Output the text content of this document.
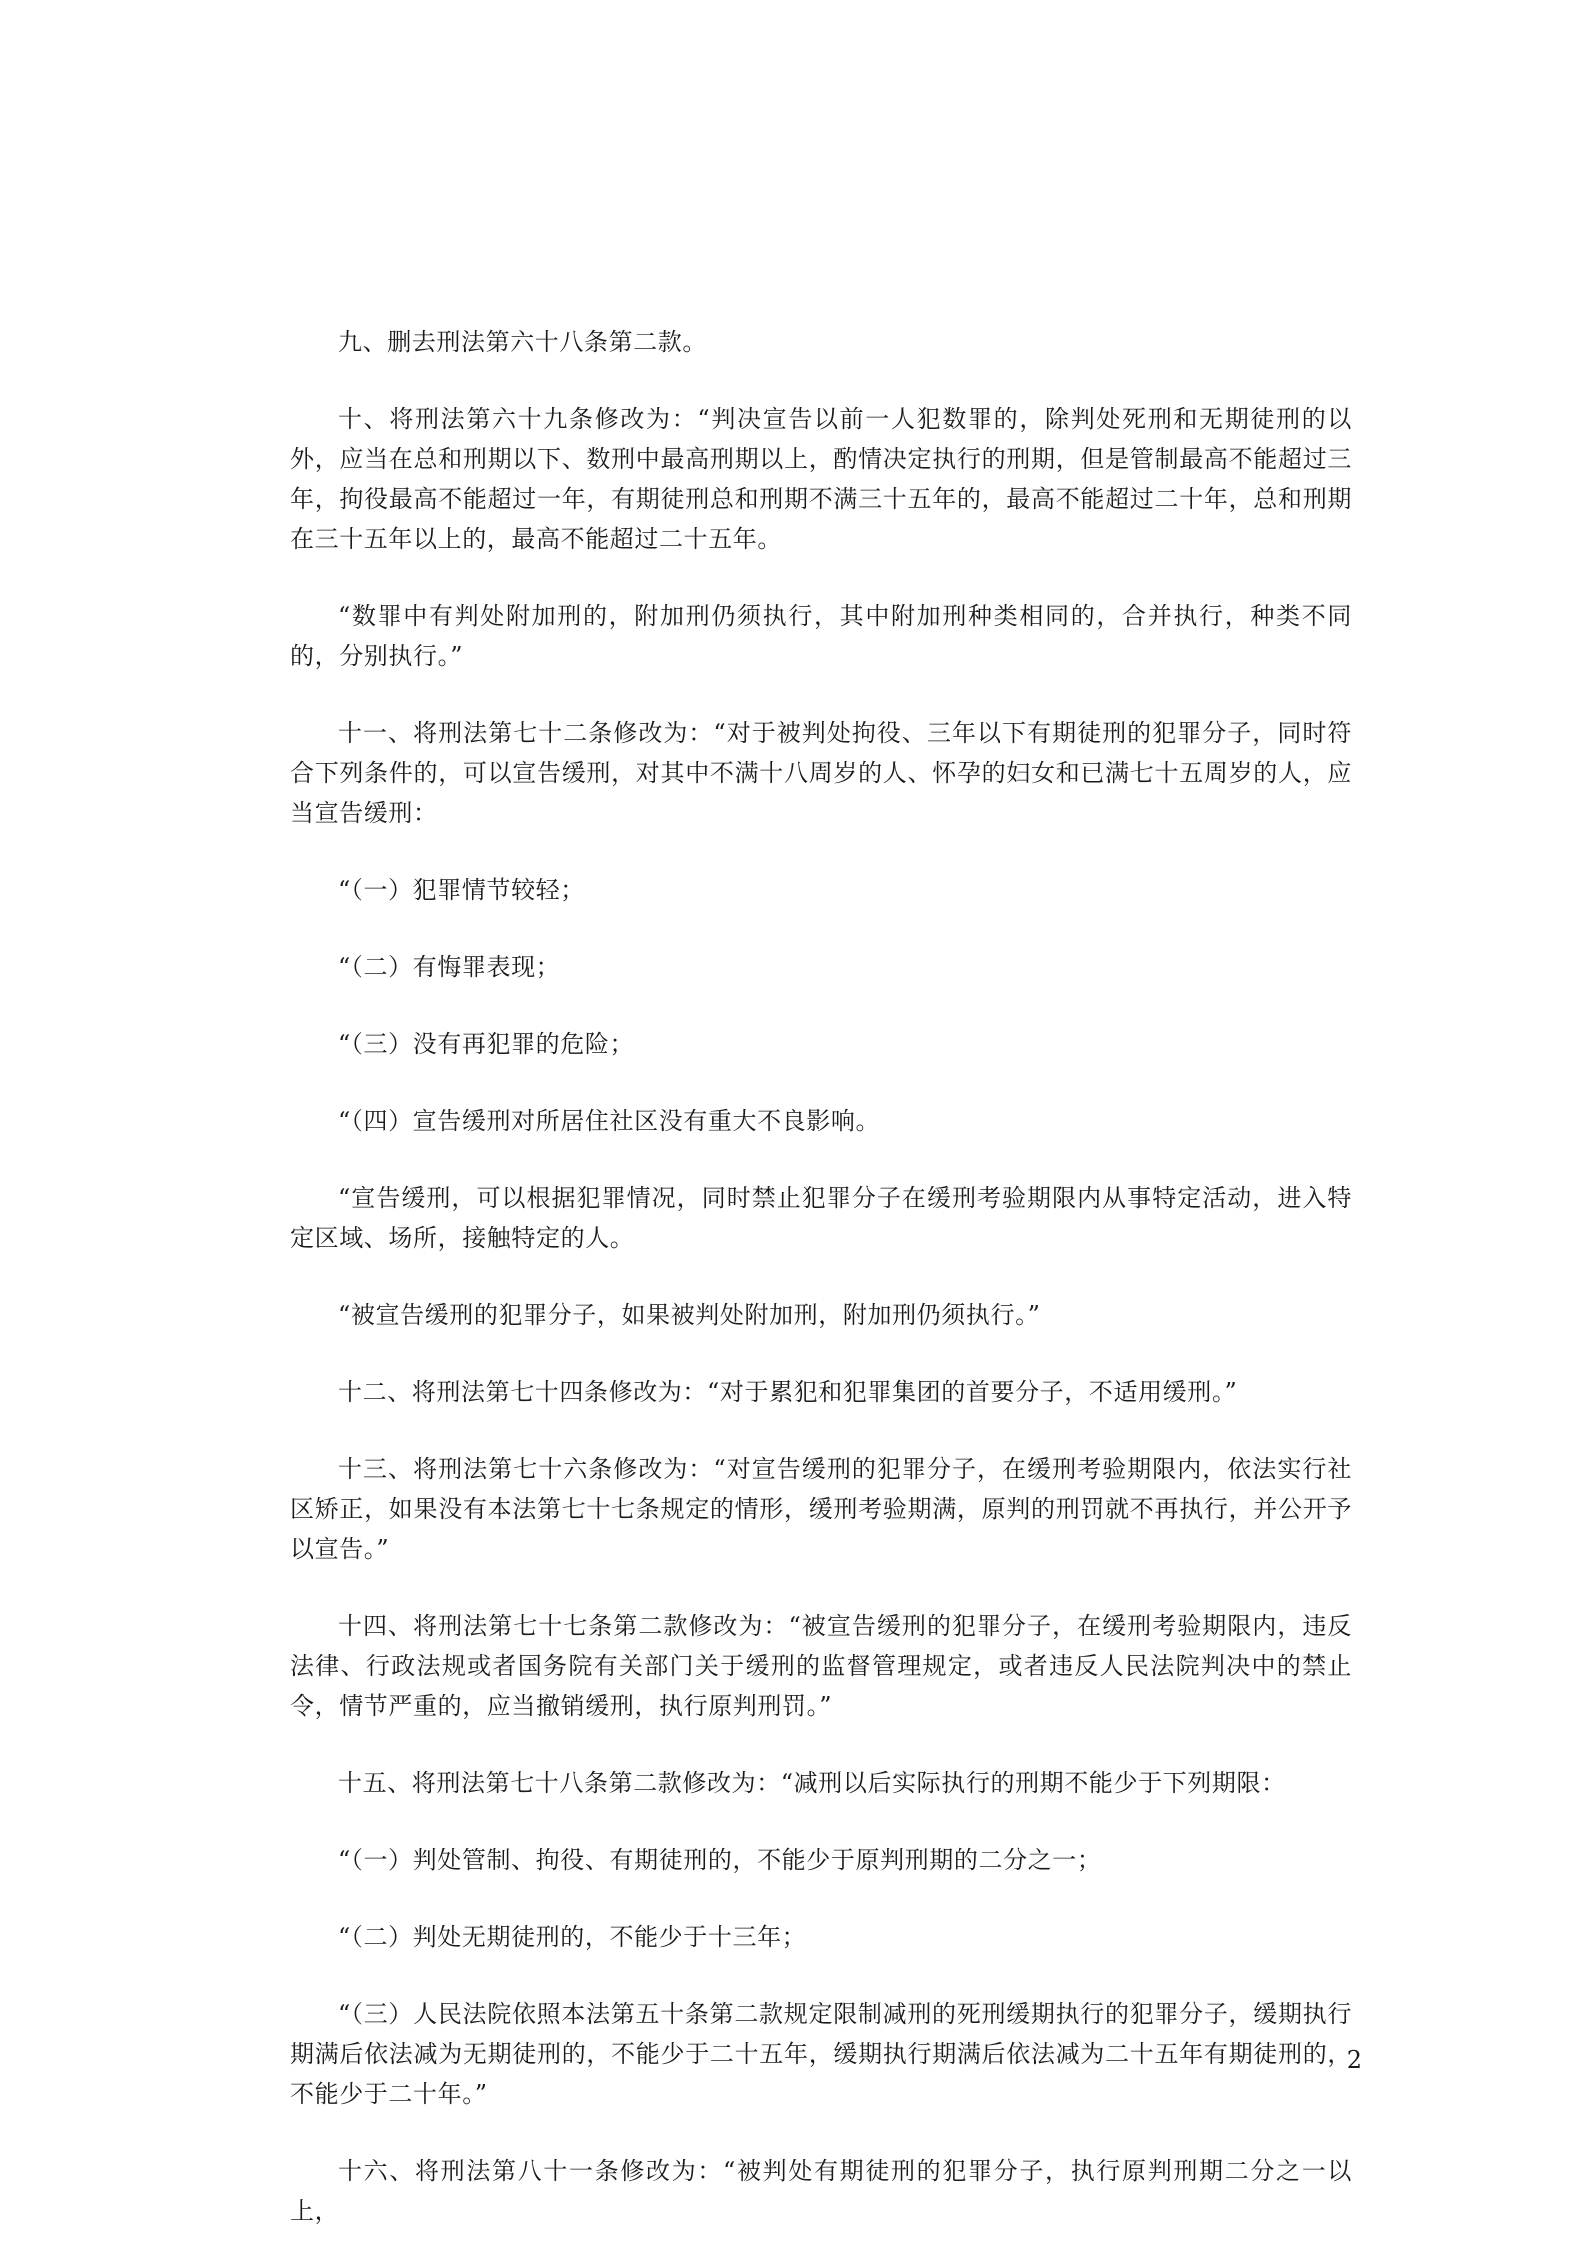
九、删去刑法第六十八条第二款。

十、将刑法第六十九条修改为：“判决宣告以前一人犯数罪的，除判处死刑和无期徒刑的以外，应当在总和刑期以下、数刑中最高刑期以上，酌情决定执行的刑期，但是管制最高不能超过三年，拘役最高不能超过一年，有期徒刑总和刑期不满三十五年的，最高不能超过二十年，总和刑期在三十五年以上的，最高不能超过二十五年。

“数罪中有判处附加刑的，附加刑仍须执行，其中附加刑种类相同的，合并执行，种类不同的，分别执行。”

十一、将刑法第七十二条修改为：“对于被判处拘役、三年以下有期徒刑的犯罪分子，同时符合下列条件的，可以宣告缓刑，对其中不满十八周岁的人、怀孕的妇女和已满七十五周岁的人，应当宣告缓刑：

“（一）犯罪情节较轻；

“（二）有悔罪表现；

“（三）没有再犯罪的危险；

“（四）宣告缓刑对所居住社区没有重大不良影响。

“宣告缓刑，可以根据犯罪情况，同时禁止犯罪分子在缓刑考验期限内从事特定活动，进入特定区域、场所，接触特定的人。

“被宣告缓刑的犯罪分子，如果被判处附加刑，附加刑仍须执行。”

十二、将刑法第七十四条修改为：“对于累犯和犯罪集团的首要分子，不适用缓刑。”

十三、将刑法第七十六条修改为：“对宣告缓刑的犯罪分子，在缓刑考验期限内，依法实行社区矫正，如果没有本法第七十七条规定的情形，缓刑考验期满，原判的刑罚就不再执行，并公开予以宣告。”

十四、将刑法第七十七条第二款修改为：“被宣告缓刑的犯罪分子，在缓刑考验期限内，违反法律、行政法规或者国务院有关部门关于缓刑的监督管理规定，或者违反人民法院判决中的禁止令，情节严重的，应当撤销缓刑，执行原判刑罚。”

十五、将刑法第七十八条第二款修改为：“减刑以后实际执行的刑期不能少于下列期限：

“（一）判处管制、拘役、有期徒刑的，不能少于原判刑期的二分之一；

“（二）判处无期徒刑的，不能少于十三年；

“（三）人民法院依照本法第五十条第二款规定限制减刑的死刑缓期执行的犯罪分子，缓期执行期满后依法减为无期徒刑的，不能少于二十五年，缓期执行期满后依法减为二十五年有期徒刑的，不能少于二十年。”

十六、将刑法第八十一条修改为：“被判处有期徒刑的犯罪分子，执行原判刑期二分之一以上，

2
